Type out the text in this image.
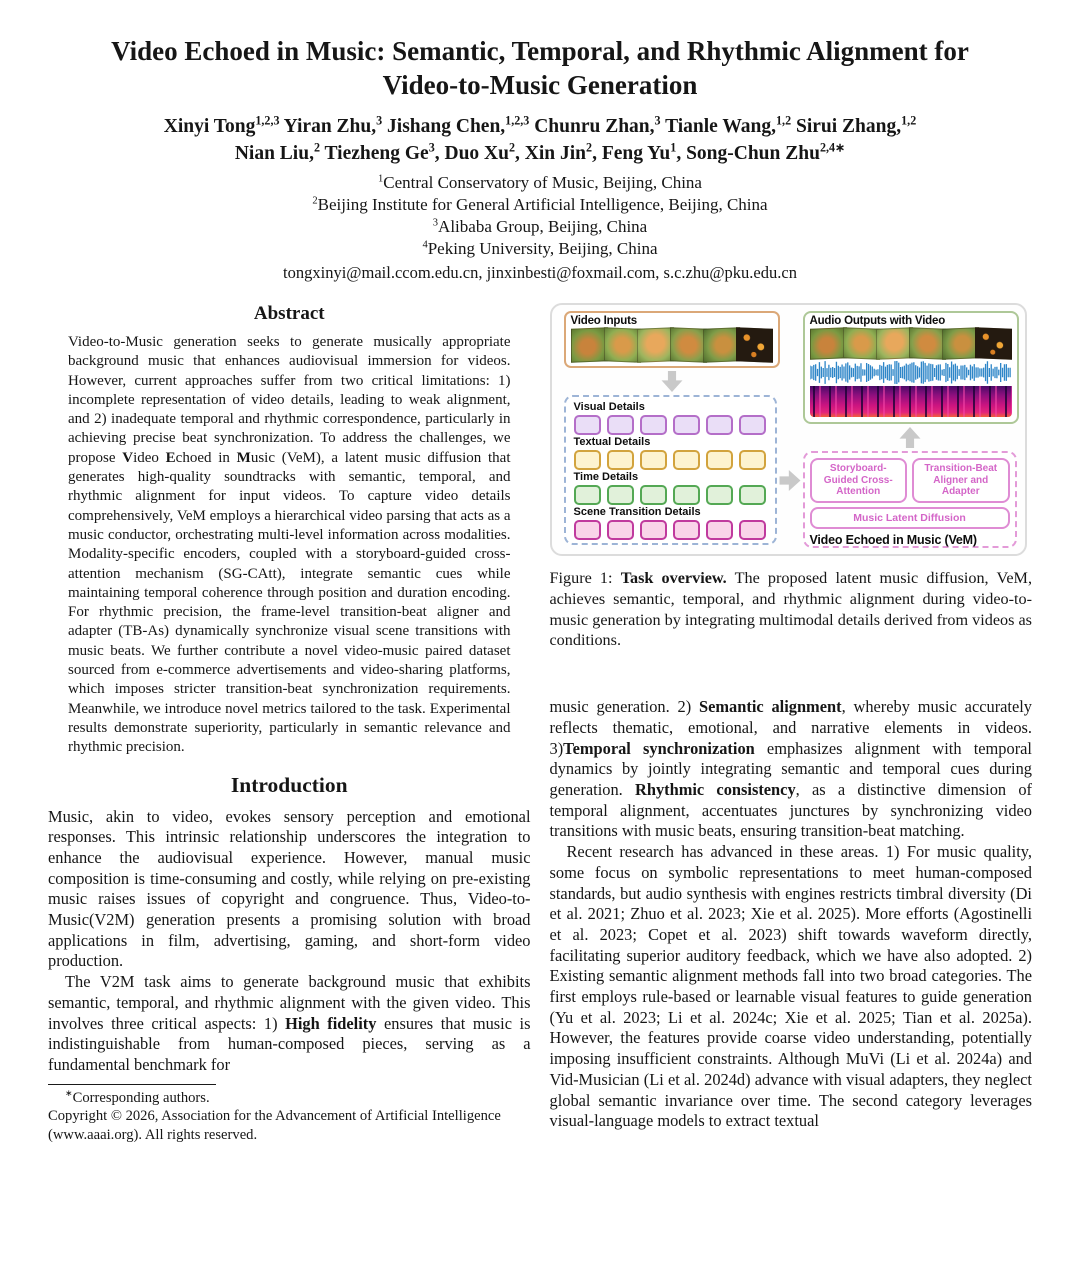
Video Echoed in Music: Semantic, Temporal, and Rhythmic Alignment for
Video-to-Music Generation
Xinyi Tong$^{1,2,3}$ Yiran Zhu,$^3$ Jishang Chen,$^{1,2,3}$ Chunru Zhan,$^3$ Tianle Wang,$^{1,2}$ Sirui Zhang,$^{1,2}$
Nian Liu,$^2$ Tiezheng Ge$^3$, Duo Xu$^2$, Xin Jin$^2$, Feng Yu$^1$, Song-Chun Zhu$^{2,4∗}$
$^1$Central Conservatory of Music, Beijing, China
$^2$Beijing Institute for General Artificial Intelligence, Beijing, China
$^3$Alibaba Group, Beijing, China
$^4$Peking University, Beijing, China
tongxinyi@mail.ccom.edu.cn, jinxinbesti@foxmail.com, s.c.zhu@pku.edu.cn
Abstract
Video-to-Music generation seeks to generate musically appropriate background music that enhances audiovisual immersion for videos. However, current approaches suffer from two critical limitations: 1) incomplete representation of video details, leading to weak alignment, and 2) inadequate temporal and rhythmic correspondence, particularly in achieving precise beat synchronization. To address the challenges, we propose Video Echoed in Music (VeM), a latent music diffusion that generates high-quality soundtracks with semantic, temporal, and rhythmic alignment for input videos. To capture video details comprehensively, VeM employs a hierarchical video parsing that acts as a music conductor, orchestrating multi-level information across modalities. Modality-specific encoders, coupled with a storyboard-guided cross-attention mechanism (SG-CAtt), integrate semantic cues while maintaining temporal coherence through position and duration encoding. For rhythmic precision, the frame-level transition-beat aligner and adapter (TB-As) dynamically synchronize visual scene transitions with music beats. We further contribute a novel video-music paired dataset sourced from e-commerce advertisements and video-sharing platforms, which imposes stricter transition-beat synchronization requirements. Meanwhile, we introduce novel metrics tailored to the task. Experimental results demonstrate superiority, particularly in semantic relevance and rhythmic precision.
Introduction

Music, akin to video, evokes sensory perception and emotional responses. This intrinsic relationship underscores the integration to enhance the audiovisual experience. However, manual music composition is time-consuming and costly, while relying on pre-existing music raises issues of copyright and congruence. Thus, Video-to-Music(V2M) generation presents a promising solution with broad applications in film, advertising, gaming, and short-form video production.

The V2M task aims to generate background music that exhibits semantic, temporal, and rhythmic alignment with the given video. This involves three critical aspects: 1) High fidelity ensures that music is indistinguishable from human-composed pieces, serving as a fundamental benchmark for

∗Corresponding authors.
Copyright © 2026, Association for the Advancement of Artificial Intelligence (www.aaai.org). All rights reserved.
Video Inputs
Visual Details
Textual Details
Time Details
Scene Transition Details
Audio Outputs with Video
Storyboard-Guided Cross-Attention
Transition-Beat Aligner and Adapter
Music Latent Diffusion
Video Echoed in Music (VeM)
Figure 1: Task overview. The proposed latent music diffusion, VeM, achieves semantic, temporal, and rhythmic alignment during video-to-music generation by integrating multimodal details derived from videos as conditions.

music generation. 2) Semantic alignment, whereby music accurately reflects thematic, emotional, and narrative elements in videos. 3)Temporal synchronization emphasizes alignment with temporal dynamics by jointly integrating semantic and temporal cues during generation. Rhythmic consistency, as a distinctive dimension of temporal alignment, accentuates junctures by synchronizing video transitions with music beats, ensuring transition-beat matching.

Recent research has advanced in these areas. 1) For music quality, some focus on symbolic representations to meet human-composed standards, but audio synthesis with engines restricts timbral diversity (Di et al. 2021; Zhuo et al. 2023; Xie et al. 2025). More efforts (Agostinelli et al. 2023; Copet et al. 2023) shift towards waveform directly, facilitating superior auditory feedback, which we have also adopted. 2) Existing semantic alignment methods fall into two broad categories. The first employs rule-based or learnable visual features to guide generation (Yu et al. 2023; Li et al. 2024c; Xie et al. 2025; Tian et al. 2025a). However, the features provide coarse video understanding, potentially imposing insufficient constraints. Although MuVi (Li et al. 2024a) and Vid-Musician (Li et al. 2024d) advance with visual adapters, they neglect global semantic invariance over time. The second category leverages visual-language models to extract textual
